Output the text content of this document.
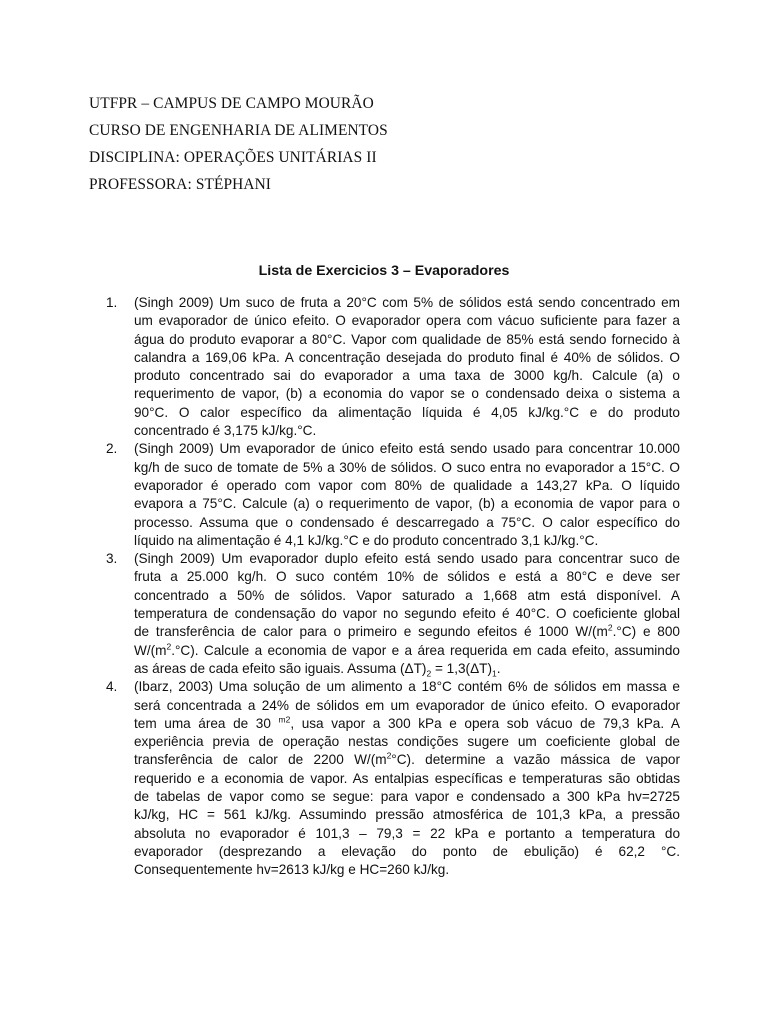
UTFPR – CAMPUS DE CAMPO MOURÃO
CURSO DE ENGENHARIA DE ALIMENTOS
DISCIPLINA: OPERAÇÕES UNITÁRIAS II
PROFESSORA: STÉPHANI
Lista de Exercicios 3 – Evaporadores
1.	(Singh 2009) Um suco de fruta a 20°C com 5% de sólidos está sendo concentrado em
um evaporador de único efeito. O evaporador opera com vácuo suficiente para fazer a
água do produto evaporar a 80°C. Vapor com qualidade de 85% está sendo fornecido à
calandra a 169,06 kPa. A concentração desejada do produto final é 40% de sólidos. O
produto concentrado sai do evaporador a uma taxa de 3000 kg/h. Calcule (a) o
requerimento de vapor, (b) a economia do vapor se o condensado deixa o sistema a
90°C. O calor específico da alimentação líquida é 4,05 kJ/kg.°C e do produto
concentrado é 3,175 kJ/kg.°C.
2.	(Singh 2009) Um evaporador de único efeito está sendo usado para concentrar 10.000
kg/h de suco de tomate de 5% a 30% de sólidos. O suco entra no evaporador a 15°C. O
evaporador é operado com vapor com 80% de qualidade a 143,27 kPa. O líquido
evapora a 75°C. Calcule (a) o requerimento de vapor, (b) a economia de vapor para o
processo. Assuma que o condensado é descarregado a 75°C. O calor específico do
líquido na alimentação é 4,1 kJ/kg.°C e do produto concentrado 3,1 kJ/kg.°C.
3.	(Singh 2009) Um evaporador duplo efeito está sendo usado para concentrar suco de
fruta a 25.000 kg/h. O suco contém 10% de sólidos e está a 80°C e deve ser
concentrado a 50% de sólidos. Vapor saturado a 1,668 atm está disponível. A
temperatura de condensação do vapor no segundo efeito é 40°C. O coeficiente global
de transferência de calor para o primeiro e segundo efeitos é 1000 $W/(m^2.^\circ C)$ e 800
$W/(m^2.^\circ C)$. Calcule a economia de vapor e a área requerida em cada efeito, assumindo
as áreas de cada efeito são iguais. Assuma $(\Delta T)_2 = 1,3(\Delta T)_1$.
4.	(Ibarz, 2003) Uma solução de um alimento a 18°C contém 6% de sólidos em massa e
será concentrada a 24% de sólidos em um evaporador de único efeito. O evaporador
tem uma área de 30 $^{m2}$, usa vapor a 300 kPa e opera sob vácuo de 79,3 kPa. A
experiência previa de operação nestas condições sugere um coeficiente global de
transferência de calor de 2200 $W/(m^2^\circ C)$. determine a vazão mássica de vapor
requerido e a economia de vapor. As entalpias específicas e temperaturas são obtidas
de tabelas de vapor como se segue: para vapor e condensado a 300 kPa hv=2725
kJ/kg, HC = 561 kJ/kg. Assumindo pressão atmosférica de 101,3 kPa, a pressão
absoluta no evaporador é 101,3 – 79,3 = 22 kPa e portanto a temperatura do
evaporador (desprezando a elevação do ponto de ebulição) é 62,2 °C.
Consequentemente hv=2613 kJ/kg e HC=260 kJ/kg.
